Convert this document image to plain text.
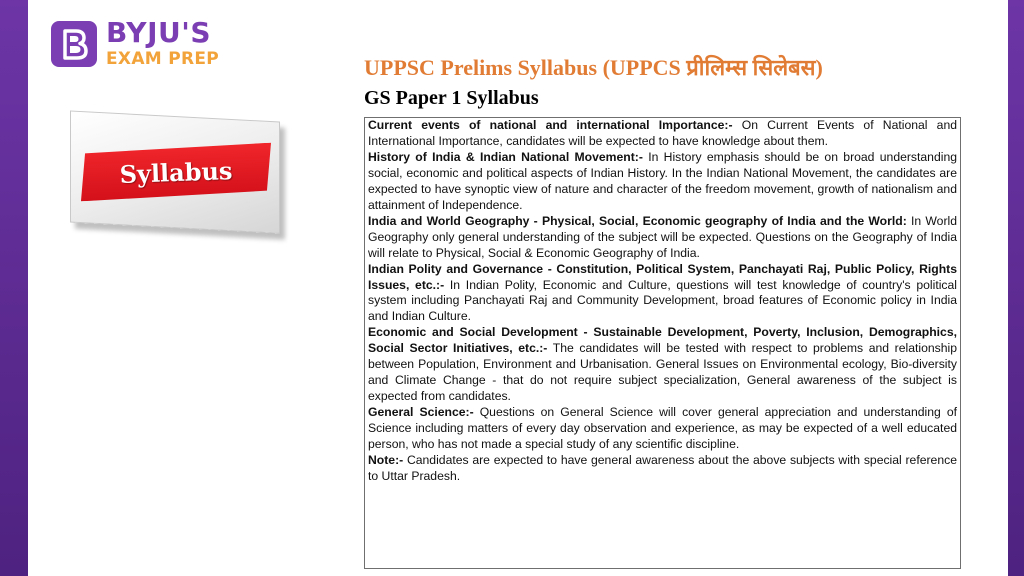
BYJU'S
EXAM PREP	UPPSC Prelims Syllabus (UPPCS प्रीलिम्स सिलेबस)
GS Paper 1 Syllabus
Syllabus

Current events of national and international Importance:- On Current Events of National and International Importance, candidates will be expected to have knowledge about them.

History of India & Indian National Movement:- In History emphasis should be on broad understanding social, economic and political aspects of Indian History. In the Indian National Movement, the candidates are expected to have synoptic view of nature and character of the freedom movement, growth of nationalism and attainment of Independence.

India and World Geography - Physical, Social, Economic geography of India and the World: In World Geography only general understanding of the subject will be expected. Questions on the Geography of India will relate to Physical, Social & Economic Geography of India.

Indian Polity and Governance - Constitution, Political System, Panchayati Raj, Public Policy, Rights Issues, etc.:- In Indian Polity, Economic and Culture, questions will test knowledge of country's political system including Panchayati Raj and Community Development, broad features of Economic policy in India and Indian Culture.

Economic and Social Development - Sustainable Development, Poverty, Inclusion, Demographics, Social Sector Initiatives, etc.:- The candidates will be tested with respect to problems and relationship between Population, Environment and Urbanisation. General Issues on Environmental ecology, Bio-diversity and Climate Change - that do not require subject specialization, General awareness of the subject is expected from candidates.

General Science:- Questions on General Science will cover general appreciation and understanding of Science including matters of every day observation and experience, as may be expected of a well educated person, who has not made a special study of any scientific discipline.

Note:- Candidates are expected to have general awareness about the above subjects with special reference to Uttar Pradesh.
